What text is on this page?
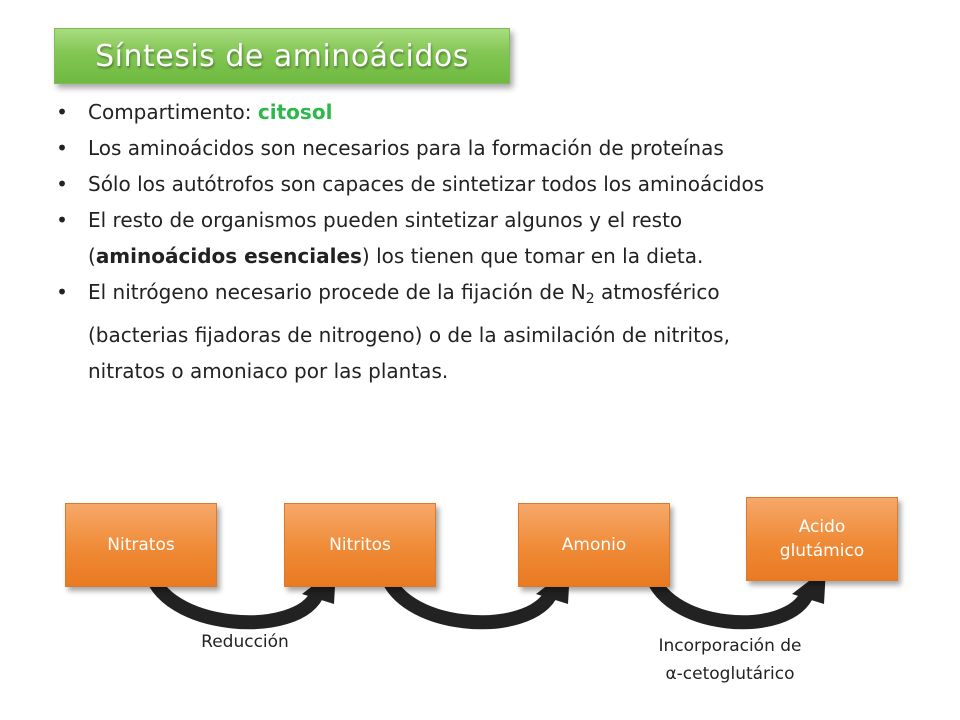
Síntesis de aminoácidos
• Compartimento: citosol
• Los aminoácidos son necesarios para la formación de proteínas
• Sólo los autótrofos son capaces de sintetizar todos los aminoácidos
• El resto de organismos pueden sintetizar algunos y el resto
(aminoácidos esenciales) los tienen que tomar en la dieta.
• El nitrógeno necesario procede de la fijación de $N_2$ atmosférico
(bacterias fijadoras de nitrogeno) o de la asimilación de nitritos,
nitratos o amoniaco por las plantas.
Nitratos	Nitritos	Amonio
Acido glutámico
Reducción	Incorporación de
α-cetoglutárico
